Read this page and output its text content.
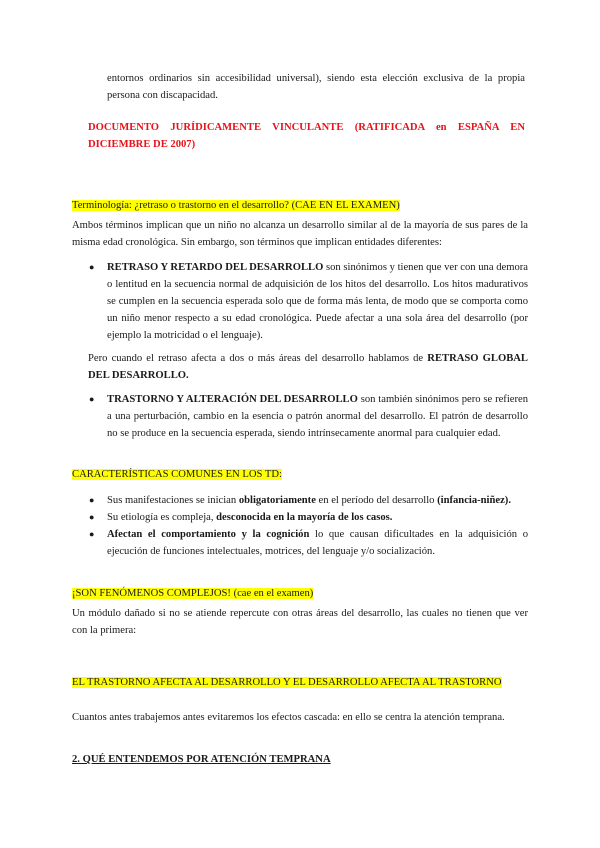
entornos ordinarios sin accesibilidad universal), siendo esta elección exclusiva de la propia persona con discapacidad.
DOCUMENTO JURÍDICAMENTE VINCULANTE (RATIFICADA en ESPAÑA EN DICIEMBRE DE 2007)
Terminología: ¿retraso o trastorno en el desarrollo? (CAE EN EL EXAMEN)
Ambos términos implican que un niño no alcanza un desarrollo similar al de la mayoría de sus pares de la misma edad cronológica. Sin embargo, son términos que implican entidades diferentes:
● RETRASO Y RETARDO DEL DESARROLLO son sinónimos y tienen que ver con una demora o lentitud en la secuencia normal de adquisición de los hitos del desarrollo. Los hitos madurativos se cumplen en la secuencia esperada solo que de forma más lenta, de modo que se comporta como un niño menor respecto a su edad cronológica. Puede afectar a una sola área del desarrollo (por ejemplo la motricidad o el lenguaje).
Pero cuando el retraso afecta a dos o más áreas del desarrollo hablamos de RETRASO GLOBAL DEL DESARROLLO.
● TRASTORNO Y ALTERACIÓN DEL DESARROLLO son también sinónimos pero se refieren a una perturbación, cambio en la esencia o patrón anormal del desarrollo. El patrón de desarrollo no se produce en la secuencia esperada, siendo intrínsecamente anormal para cualquier edad.
CARACTERÍSTICAS COMUNES EN LOS TD:
● Sus manifestaciones se inician obligatoriamente en el período del desarrollo (infancia-niñez).
● Su etiología es compleja, desconocida en la mayoría de los casos.
● Afectan el comportamiento y la cognición lo que causan dificultades en la adquisición o ejecución de funciones intelectuales, motrices, del lenguaje y/o socialización.
¡SON FENÓMENOS COMPLEJOS! (cae en el examen)
Un módulo dañado si no se atiende repercute con otras áreas del desarrollo, las cuales no tienen que ver con la primera:
EL TRASTORNO AFECTA AL DESARROLLO Y EL DESARROLLO AFECTA AL TRASTORNO
Cuantos antes trabajemos antes evitaremos los efectos cascada: en ello se centra la atención temprana.
2. QUÉ ENTENDEMOS POR ATENCIÓN TEMPRANA
